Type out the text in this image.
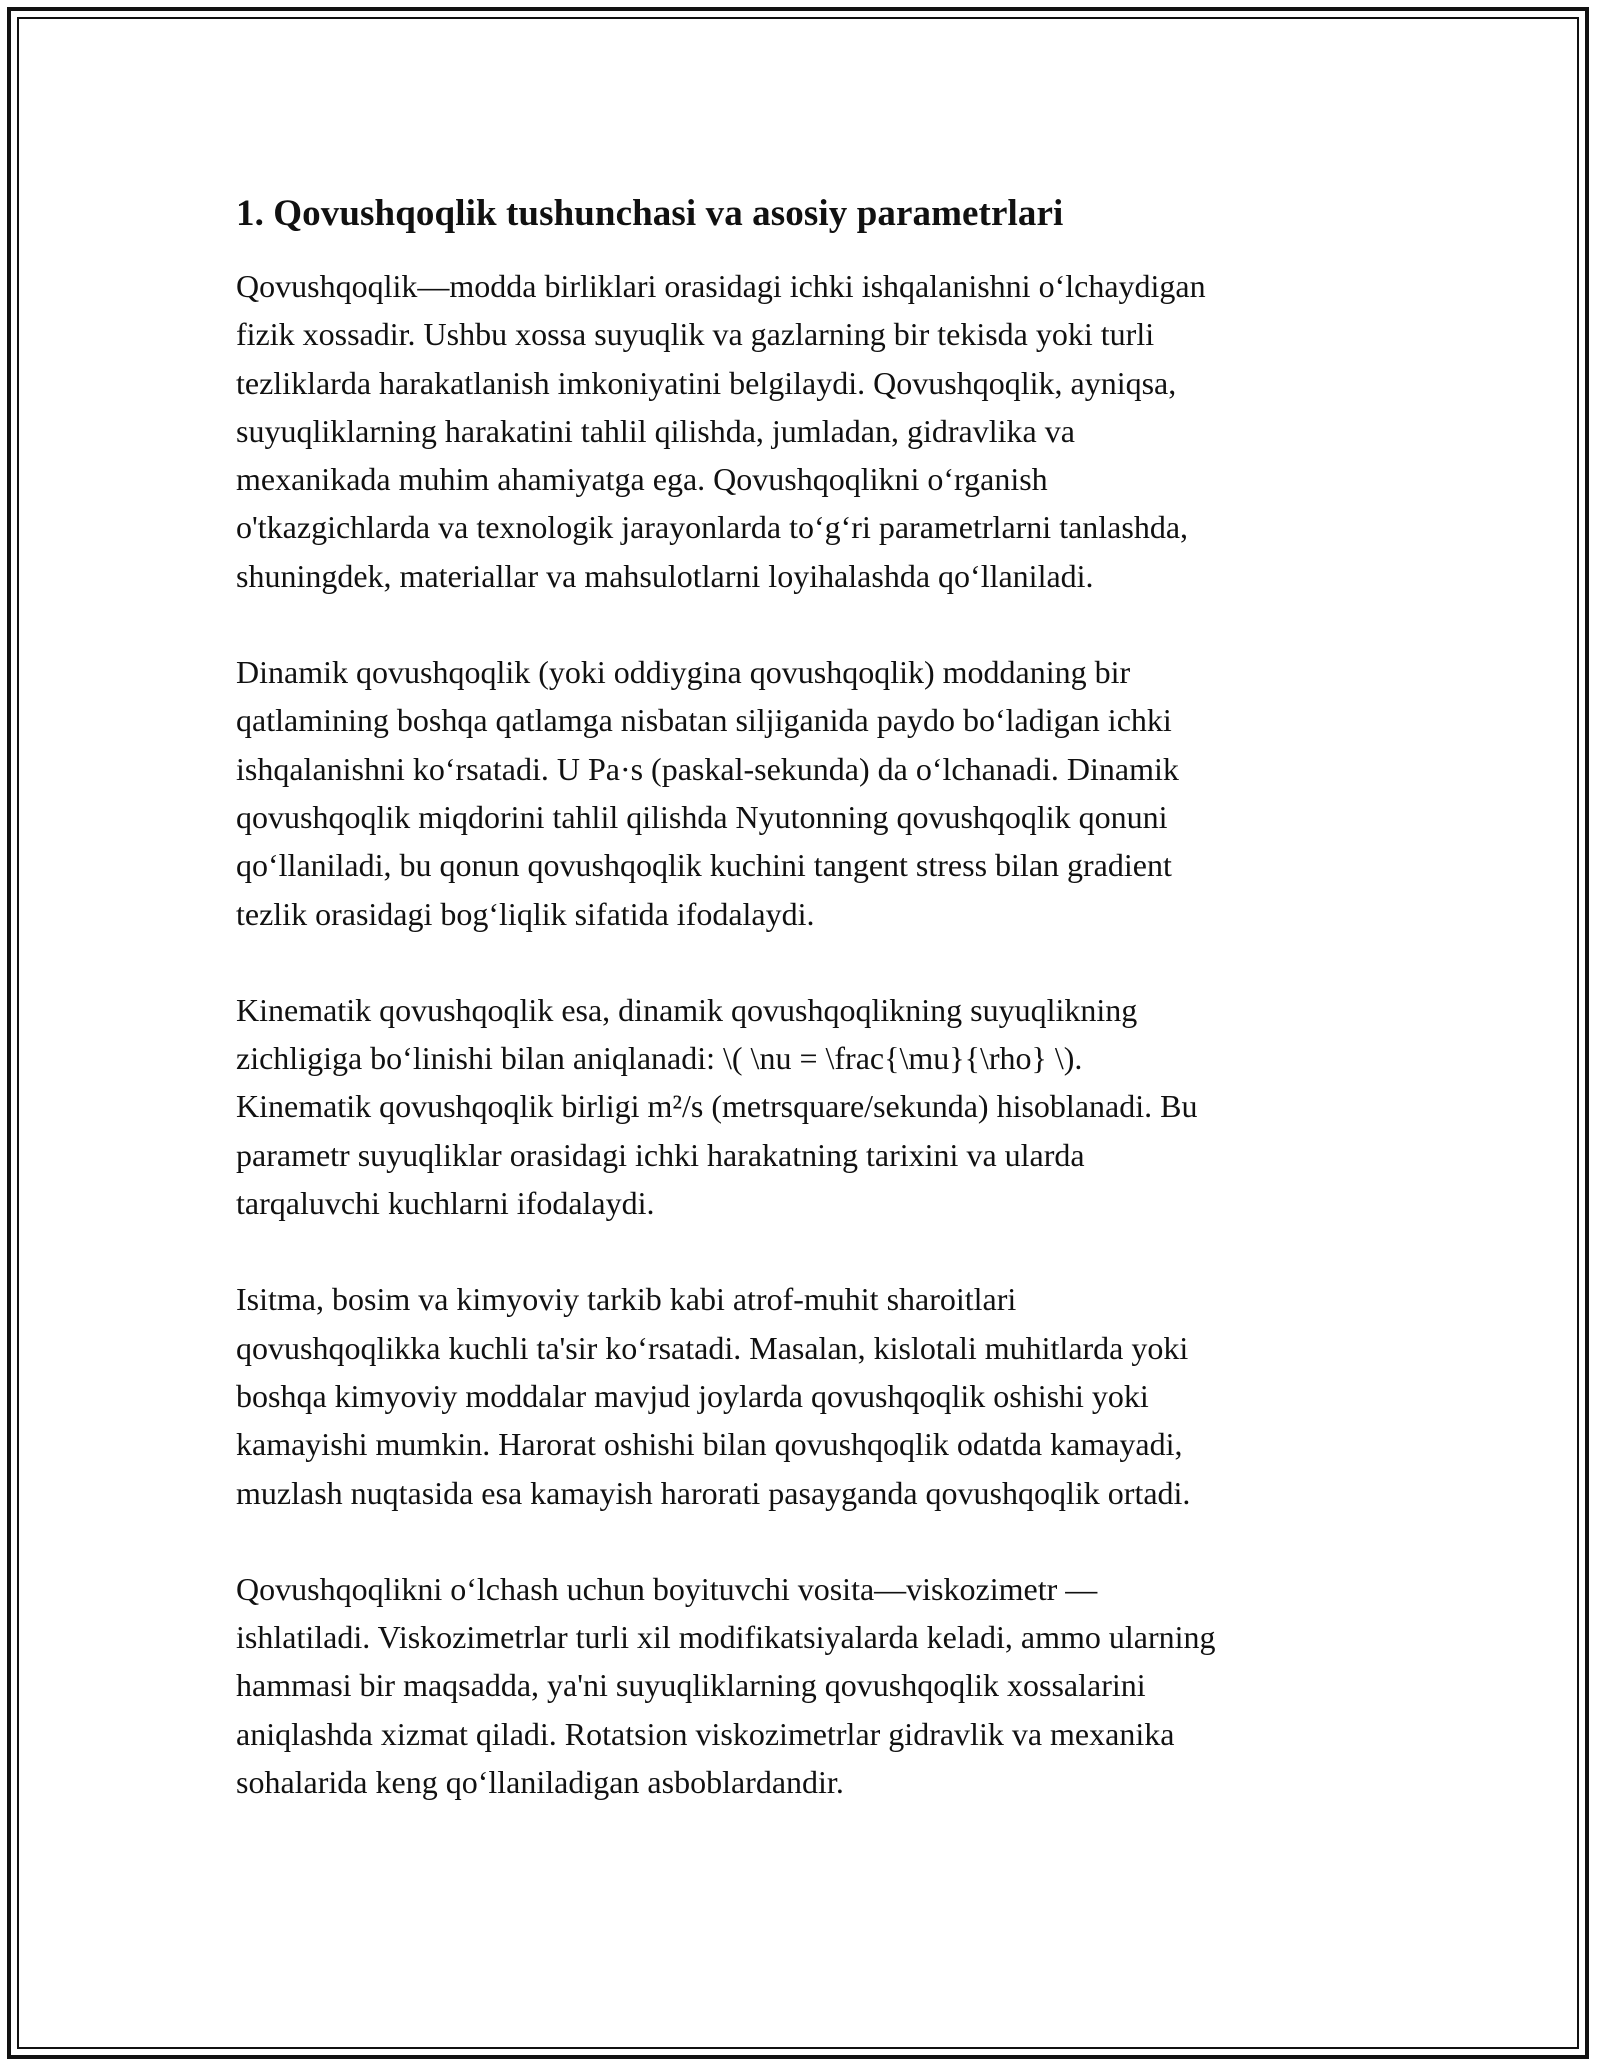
1. Qovushqoqlik tushunchasi va asosiy parametrlari

Qovushqoqlik—modda birliklari orasidagi ichki ishqalanishni o‘lchaydigan
fizik xossadir. Ushbu xossa suyuqlik va gazlarning bir tekisda yoki turli
tezliklarda harakatlanish imkoniyatini belgilaydi. Qovushqoqlik, ayniqsa,
suyuqliklarning harakatini tahlil qilishda, jumladan, gidravlika va
mexanikada muhim ahamiyatga ega. Qovushqoqlikni o‘rganish
o'tkazgichlarda va texnologik jarayonlarda to‘g‘ri parametrlarni tanlashda,
shuningdek, materiallar va mahsulotlarni loyihalashda qo‘llaniladi.

Dinamik qovushqoqlik (yoki oddiygina qovushqoqlik) moddaning bir
qatlamining boshqa qatlamga nisbatan siljiganida paydo bo‘ladigan ichki
ishqalanishni ko‘rsatadi. U Pa·s (paskal-sekunda) da o‘lchanadi. Dinamik
qovushqoqlik miqdorini tahlil qilishda Nyutonning qovushqoqlik qonuni
qo‘llaniladi, bu qonun qovushqoqlik kuchini tangent stress bilan gradient
tezlik orasidagi bog‘liqlik sifatida ifodalaydi.

Kinematik qovushqoqlik esa, dinamik qovushqoqlikning suyuqlikning
zichligiga bo‘linishi bilan aniqlanadi: \( \nu = \frac{\mu}{\rho} \).
Kinematik qovushqoqlik birligi m²/s (metrsquare/sekunda) hisoblanadi. Bu
parametr suyuqliklar orasidagi ichki harakatning tarixini va ularda
tarqaluvchi kuchlarni ifodalaydi.

Isitma, bosim va kimyoviy tarkib kabi atrof-muhit sharoitlari
qovushqoqlikka kuchli ta'sir ko‘rsatadi. Masalan, kislotali muhitlarda yoki
boshqa kimyoviy moddalar mavjud joylarda qovushqoqlik oshishi yoki
kamayishi mumkin. Harorat oshishi bilan qovushqoqlik odatda kamayadi,
muzlash nuqtasida esa kamayish harorati pasayganda qovushqoqlik ortadi.

Qovushqoqlikni o‘lchash uchun boyituvchi vosita—viskozimetr —
ishlatiladi. Viskozimetrlar turli xil modifikatsiyalarda keladi, ammo ularning
hammasi bir maqsadda, ya'ni suyuqliklarning qovushqoqlik xossalarini
aniqlashda xizmat qiladi. Rotatsion viskozimetrlar gidravlik va mexanika
sohalarida keng qo‘llaniladigan asboblardandir.
